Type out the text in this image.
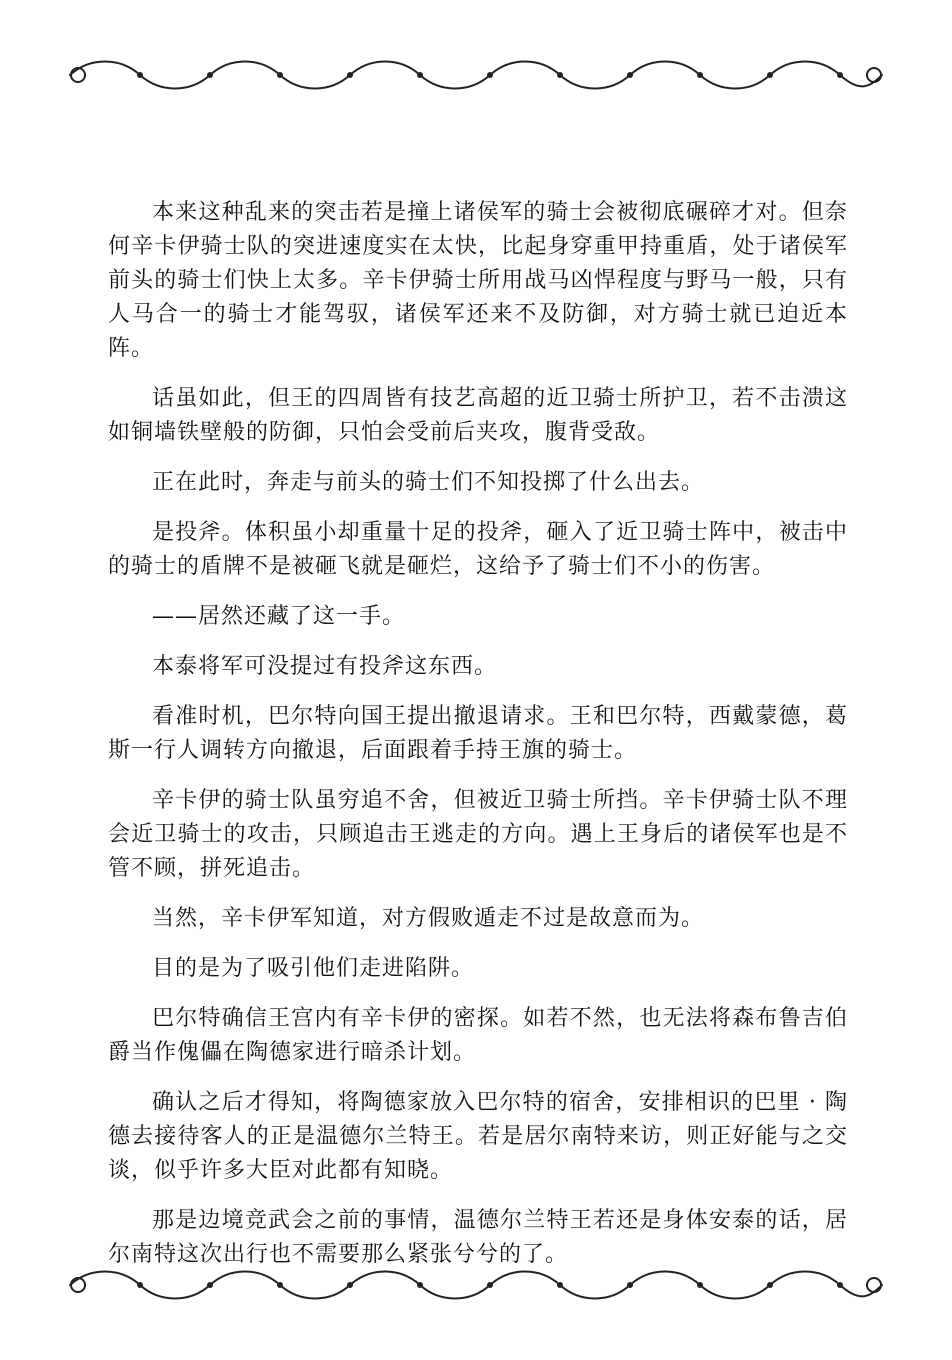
本来这种乱来的突击若是撞上诸侯军的骑士会被彻底碾碎才对。但奈何辛卡伊骑士队的突进速度实在太快，比起身穿重甲持重盾，处于诸侯军前头的骑士们快上太多。辛卡伊骑士所用战马凶悍程度与野马一般，只有人马合一的骑士才能驾驭，诸侯军还来不及防御，对方骑士就已迫近本阵。

话虽如此，但王的四周皆有技艺高超的近卫骑士所护卫，若不击溃这如铜墙铁壁般的防御，只怕会受前后夹攻，腹背受敌。

正在此时，奔走与前头的骑士们不知投掷了什么出去。

是投斧。体积虽小却重量十足的投斧，砸入了近卫骑士阵中，被击中的骑士的盾牌不是被砸飞就是砸烂，这给予了骑士们不小的伤害。

——居然还藏了这一手。

本泰将军可没提过有投斧这东西。

看准时机，巴尔特向国王提出撤退请求。王和巴尔特，西戴蒙德，葛斯一行人调转方向撤退，后面跟着手持王旗的骑士。

辛卡伊的骑士队虽穷追不舍，但被近卫骑士所挡。辛卡伊骑士队不理会近卫骑士的攻击，只顾追击王逃走的方向。遇上王身后的诸侯军也是不管不顾，拼死追击。

当然，辛卡伊军知道，对方假败遁走不过是故意而为。

目的是为了吸引他们走进陷阱。

巴尔特确信王宫内有辛卡伊的密探。如若不然，也无法将森布鲁吉伯爵当作傀儡在陶德家进行暗杀计划。

确认之后才得知，将陶德家放入巴尔特的宿舍，安排相识的巴里 · 陶德去接待客人的正是温德尔兰特王。若是居尔南特来访，则正好能与之交谈，似乎许多大臣对此都有知晓。

那是边境竞武会之前的事情，温德尔兰特王若还是身体安泰的话，居尔南特这次出行也不需要那么紧张兮兮的了。
